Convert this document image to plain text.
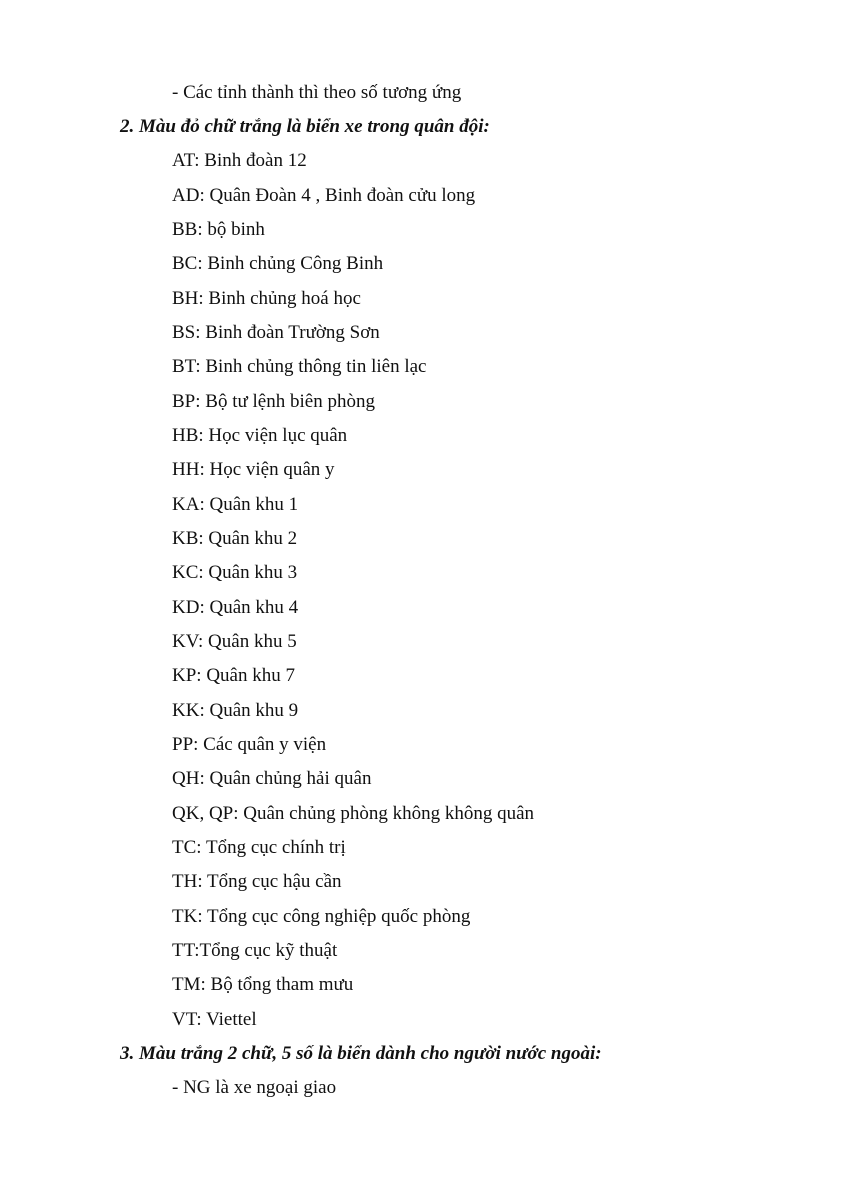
- Các tỉnh thành thì theo số tương ứng
2. Màu đỏ chữ trắng là biển xe trong quân đội:
AT: Binh đoàn 12
AD: Quân Đoàn 4 , Binh đoàn cửu long
BB: bộ binh
BC: Binh chủng Công Binh
BH: Binh chủng hoá học
BS: Binh đoàn Trường Sơn
BT: Binh chủng thông tin liên lạc
BP: Bộ tư lệnh biên phòng
HB: Học viện lục quân
HH: Học viện quân y
KA: Quân khu 1
KB: Quân khu 2
KC: Quân khu 3
KD: Quân khu 4
KV: Quân khu 5
KP: Quân khu 7
KK: Quân khu 9
PP: Các quân y viện
QH: Quân chủng hải quân
QK, QP: Quân chủng phòng không không quân
TC: Tổng cục chính trị
TH: Tổng cục hậu cần
TK: Tổng cục công nghiệp quốc phòng
TT:Tổng cục kỹ thuật
TM: Bộ tổng tham mưu
VT: Viettel
3. Màu trắng 2 chữ, 5 số là biển dành cho người nước ngoài:
- NG là xe ngoại giao
